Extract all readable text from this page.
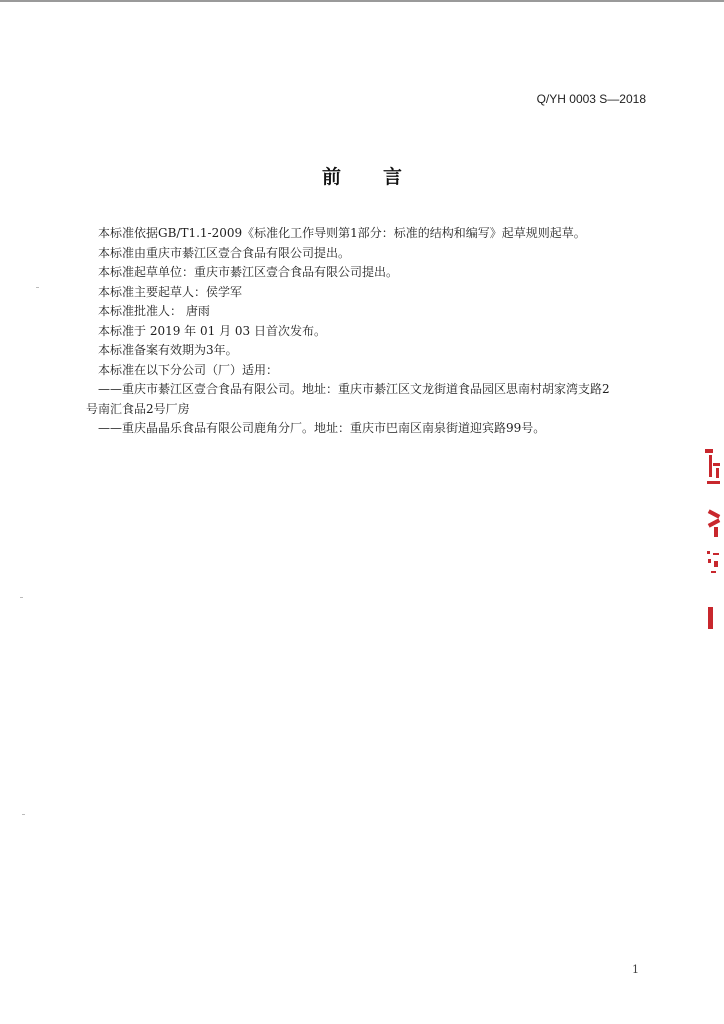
Q/YH 0003 S—2018
前言
本标准依据GB/T1.1-2009《标准化工作导则第1部分：标准的结构和编写》起草规则起草。
本标准由重庆市綦江区壹合食品有限公司提出。
本标准起草单位：重庆市綦江区壹合食品有限公司提出。
本标准主要起草人：侯学军
本标准批准人： 唐雨
本标准于 2019 年 01 月 03 日首次发布。
本标准备案有效期为3年。
本标准在以下分公司（厂）适用：
——重庆市綦江区壹合食品有限公司。地址：重庆市綦江区文龙街道食品园区思南村胡家湾支路2
号南汇食品2号厂房
——重庆晶晶乐食品有限公司鹿角分厂。地址：重庆市巴南区南泉街道迎宾路99号。
1
